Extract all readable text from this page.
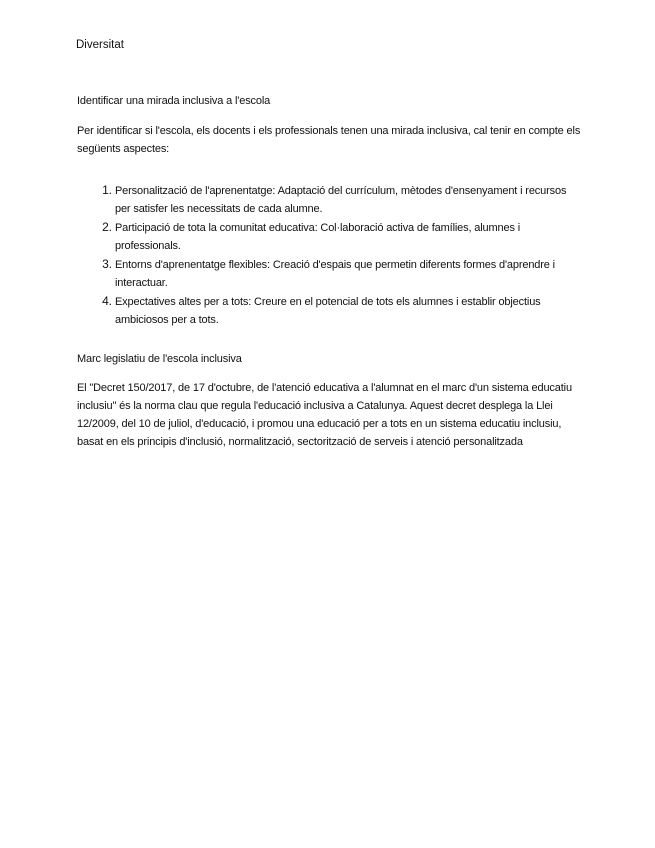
Diversitat
Identificar una mirada inclusiva a l'escola

Per identificar si l'escola, els docents i els professionals tenen una mirada inclusiva, cal tenir en compte els següents aspectes:

1. Personalització de l'aprenentatge: Adaptació del currículum, mètodes d'ensenyament i recursos per satisfer les necessitats de cada alumne.
2. Participació de tota la comunitat educativa: Col·laboració activa de famílies, alumnes i professionals.
3. Entorns d'aprenentatge flexibles: Creació d'espais que permetin diferents formes d'aprendre i interactuar.
4. Expectatives altes per a tots: Creure en el potencial de tots els alumnes i establir objectius ambiciosos per a tots.
Marc legislatiu de l'escola inclusiva

El "Decret 150/2017, de 17 d'octubre, de l'atenció educativa a l'alumnat en el marc d'un sistema educatiu inclusiu" és la norma clau que regula l'educació inclusiva a Catalunya. Aquest decret desplega la Llei 12/2009, del 10 de juliol, d'educació, i promou una educació per a tots en un sistema educatiu inclusiu, basat en els principis d'inclusió, normalització, sectorització de serveis i atenció personalitzada
